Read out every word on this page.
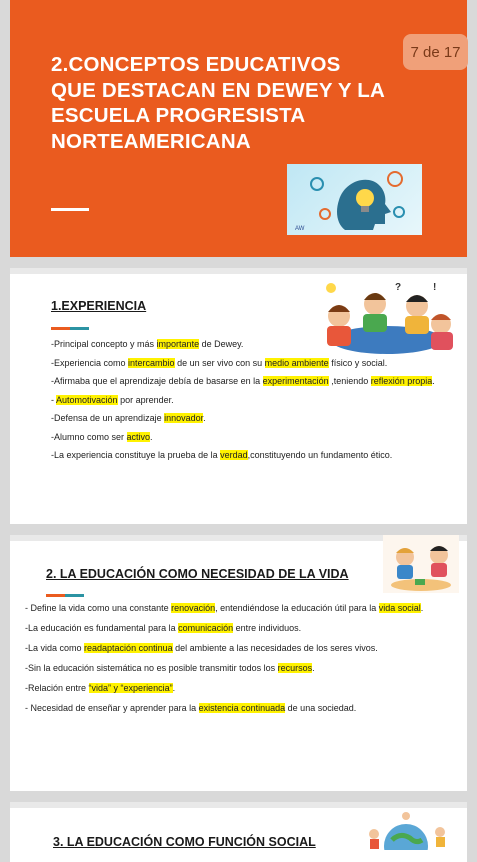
2.CONCEPTOS EDUCATIVOS QUE DESTACAN EN DEWEY Y LA ESCUELA PROGRESISTA NORTEAMERICANA
7 de 17
AW
?	!
1.EXPERIENCIA
-Principal concepto y más importante de Dewey.
-Experiencia como intercambio de un ser vivo con su medio ambiente físico y social.
-Afirmaba que el aprendizaje debía de basarse en la experimentación ,teniendo reflexión propia.
- Automotivación por aprender.
-Defensa de un aprendizaje innovador.
-Alumno como ser activo.
-La experiencia constituye la prueba de la verdad,constituyendo un fundamento ético.
2. LA EDUCACIÓN COMO NECESIDAD DE LA VIDA
- Define la vida como una constante renovación, entendiéndose la educación útil para la vida social.
-La educación es fundamental para la comunicación entre individuos.
-La vida como readaptación continua del ambiente a las necesidades de los seres vivos.
-Sin la educación sistemática no es posible transmitir todos los recursos.
-Relación entre “vida” y “experiencia”.
- Necesidad de enseñar y aprender para la existencia continuada de una sociedad.
3. LA EDUCACIÓN COMO FUNCIÓN SOCIAL
